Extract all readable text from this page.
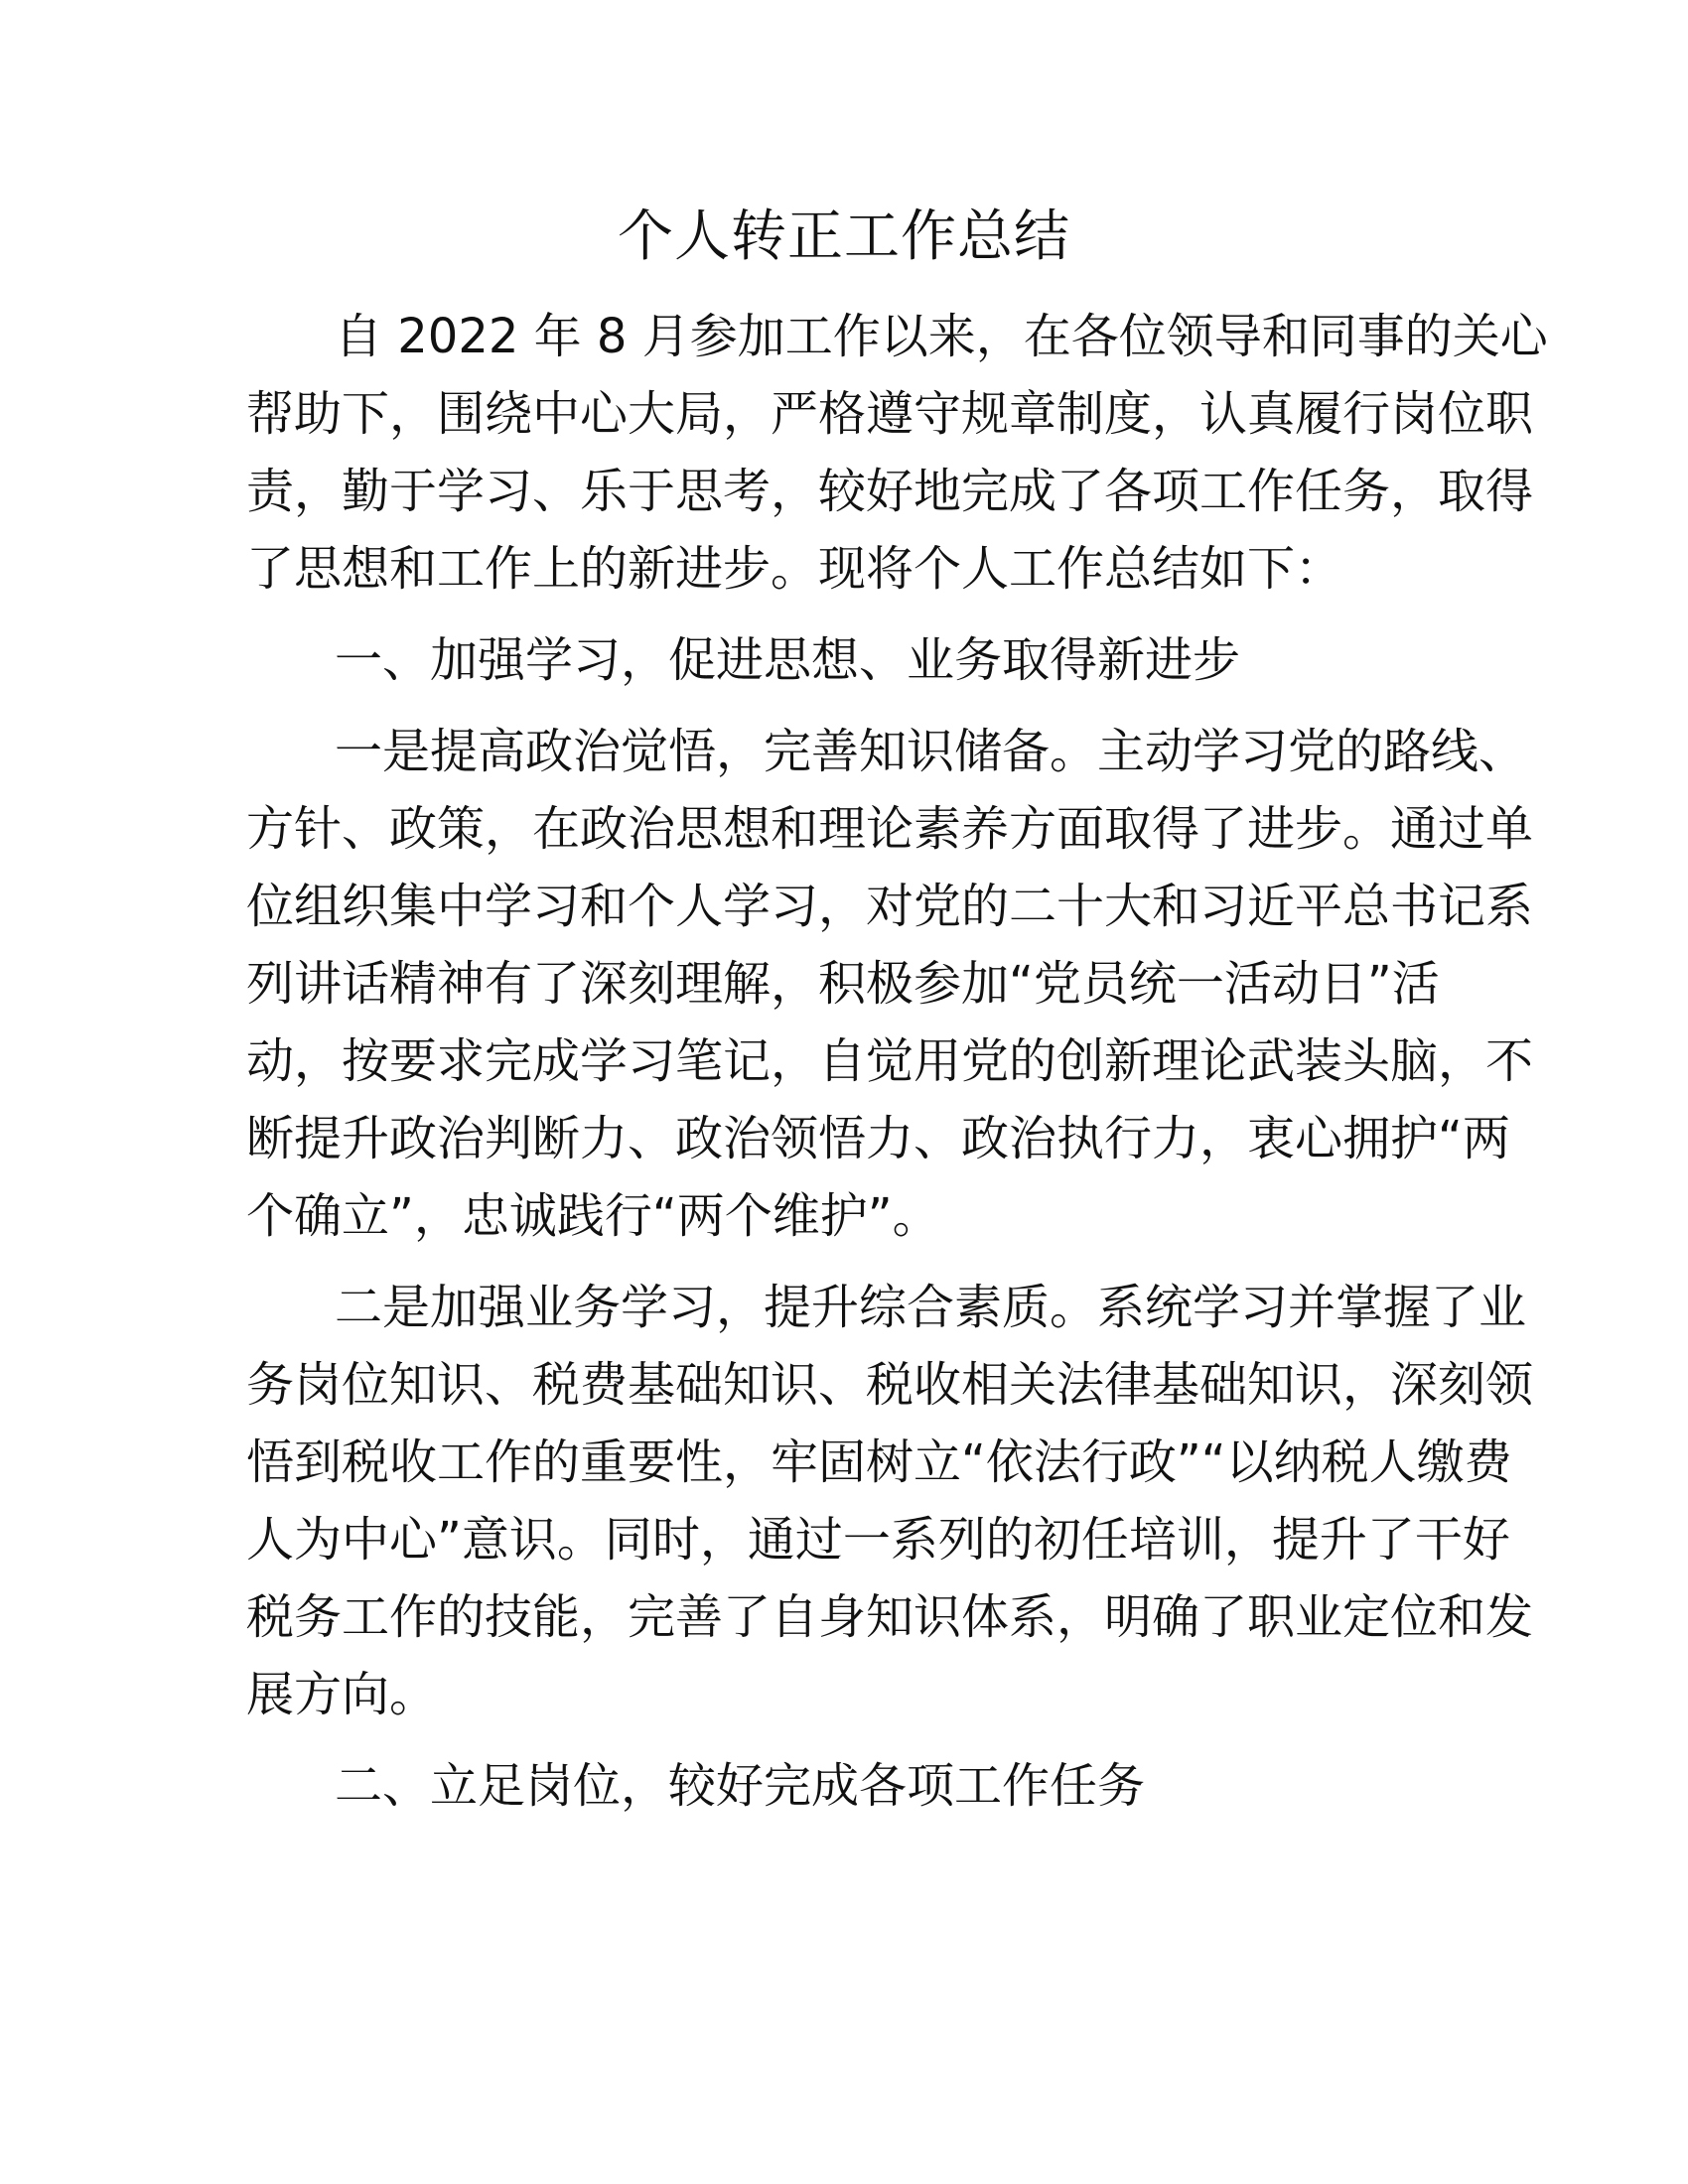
个人转正工作总结
自 2022 年 8 月参加工作以来，在各位领导和同事的关心
帮助下，围绕中心大局，严格遵守规章制度，认真履行岗位职
责，勤于学习、乐于思考，较好地完成了各项工作任务，取得
了思想和工作上的新进步。现将个人工作总结如下：
一、加强学习，促进思想、业务取得新进步
一是提高政治觉悟，完善知识储备。主动学习党的路线、
方针、政策，在政治思想和理论素养方面取得了进步。通过单
位组织集中学习和个人学习，对党的二十大和习近平总书记系
列讲话精神有了深刻理解，积极参加“党员统一活动日”活
动，按要求完成学习笔记，自觉用党的创新理论武装头脑，不
断提升政治判断力、政治领悟力、政治执行力，衷心拥护“两
个确立”，忠诚践行“两个维护”。
二是加强业务学习，提升综合素质。系统学习并掌握了业
务岗位知识、税费基础知识、税收相关法律基础知识，深刻领
悟到税收工作的重要性，牢固树立“依法行政”“以纳税人缴费
人为中心”意识。同时，通过一系列的初任培训，提升了干好
税务工作的技能，完善了自身知识体系，明确了职业定位和发
展方向。
二、立足岗位，较好完成各项工作任务
